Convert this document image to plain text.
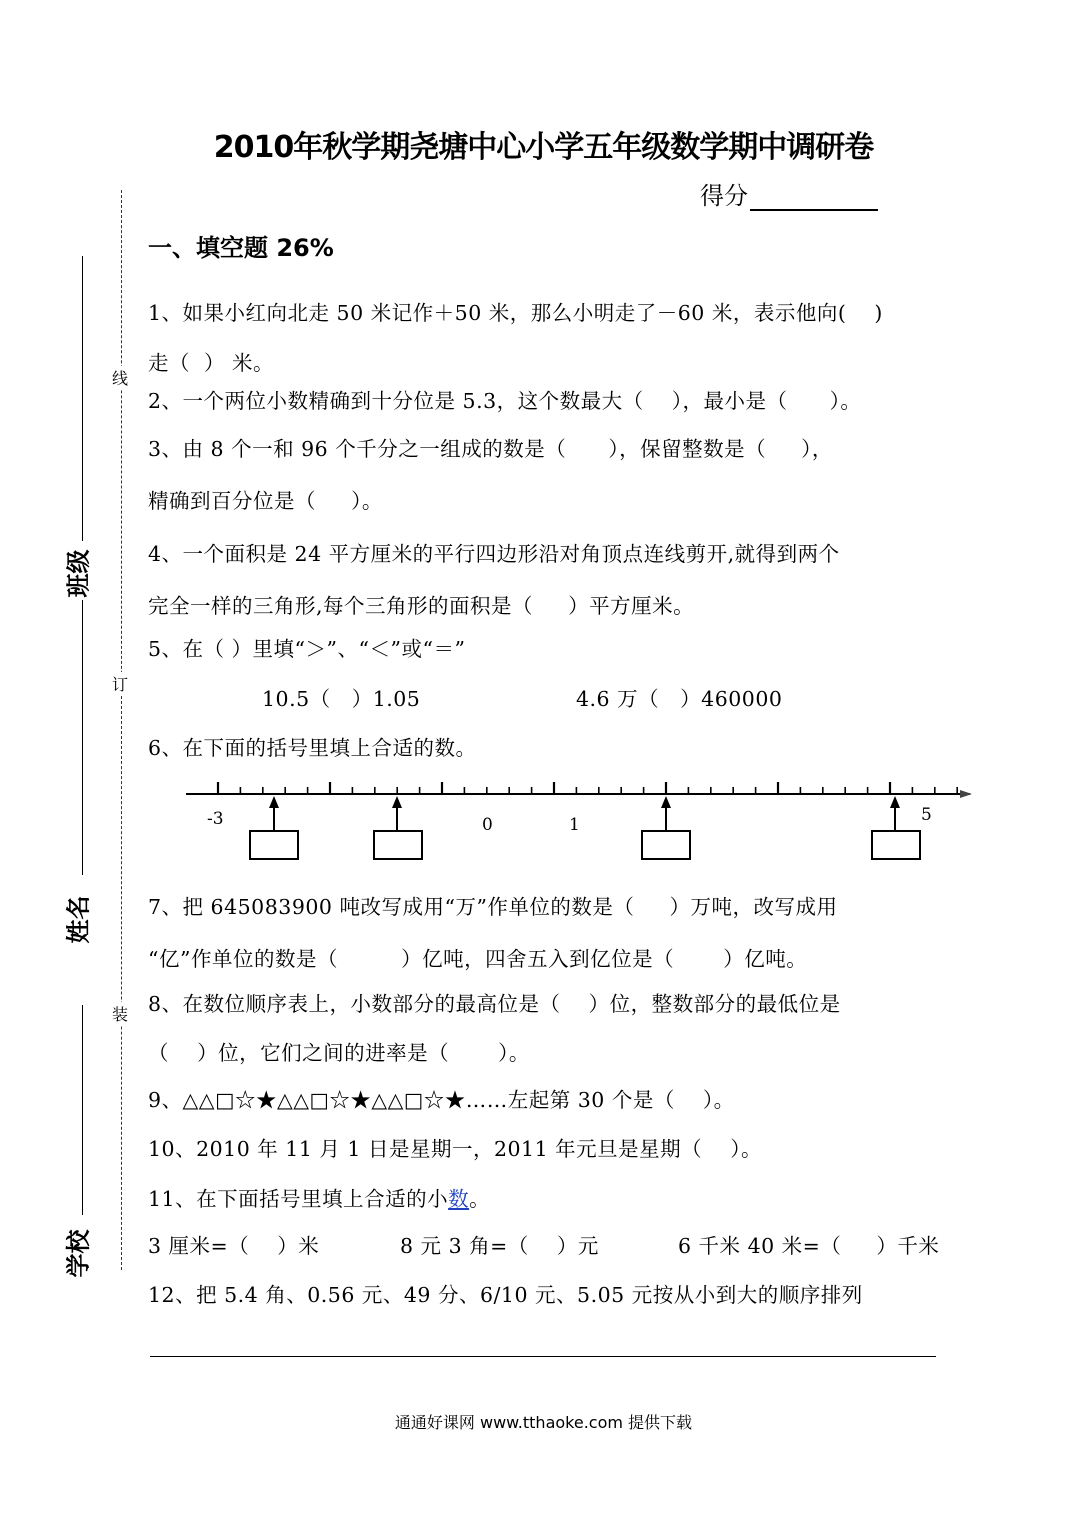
2010年秋学期尧塘中心小学五年级数学期中调研卷
得分
线
订
装
班级
姓名
学校
一、填空题 26%
1、如果小红向北走 50 米记作＋50 米，那么小明走了－60 米，表示他向(    )
走（  ） 米。
2、一个两位小数精确到十分位是 5.3，这个数最大（    ），最小是（      ）。
3、由 8 个一和 96 个千分之一组成的数是（      ），保留整数是（     ），
精确到百分位是（     ）。
4、一个面积是 24 平方厘米的平行四边形沿对角顶点连线剪开,就得到两个
完全一样的三角形,每个三角形的面积是（     ）平方厘米。
5、在（ ）里填“＞”、“＜”或“＝”
10.5（   ）1.05	4.6 万（   ）460000
6、在下面的括号里填上合适的数。
-3	0	1	5
7、把 645083900 吨改写成用“万”作单位的数是（     ）万吨，改写成用
“亿”作单位的数是（         ）亿吨，四舍五入到亿位是（       ）亿吨。
8、在数位顺序表上，小数部分的最高位是（    ）位，整数部分的最低位是
（    ）位，它们之间的进率是（       ）。
9、△△□☆★△△□☆★△△□☆★……左起第 30 个是（    ）。
10、2010 年 11 月 1 日是星期一，2011 年元旦是星期（    ）。
11、在下面括号里填上合适的小数。
3 厘米=（    ）米	8 元 3 角=（    ）元	6 千米 40 米=（     ）千米
12、把 5.4 角、0.56 元、49 分、6/10 元、5.05 元按从小到大的顺序排列
通通好课网 www.tthaoke.com 提供下载
